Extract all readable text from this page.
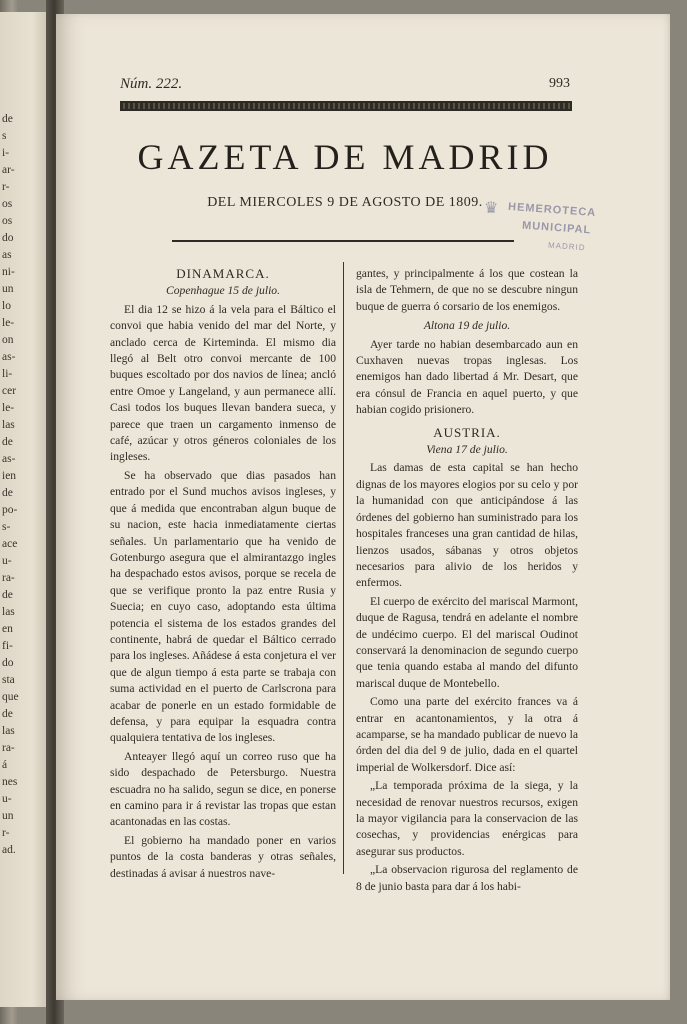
de
s
i-
ar-
r-
os
os
do
as
ni-
un
lo
le-
on
as-
li-
cer
le-
las
de
as-
ien
de
po-
s-
ace
u-
ra-
de
las
en
fi-
do
sta
que
de
las
ra-
á
nes
u-
un
r-
ad.
Núm. 222.	993
GAZETA DE MADRID
DEL MIERCOLES 9 DE AGOSTO DE 1809. ♛ HEMEROTECA
MUNICIPAL
MADRID
DINAMARCA.
Copenhague 15 de julio.

El dia 12 se hizo á la vela para el Báltico el convoi que habia venido del mar del Norte, y anclado cerca de Kirteminda. El mismo dia llegó al Belt otro convoi mercante de 100 buques escoltado por dos navios de línea; ancló entre Omoe y Langeland, y aun permanece allí. Casi todos los buques llevan bandera sueca, y parece que traen un cargamento inmenso de café, azúcar y otros géneros coloniales de los ingleses.

Se ha observado que dias pasados han entrado por el Sund muchos avisos ingleses, y que á medida que encontraban algun buque de su nacion, este hacia inmediatamente ciertas señales. Un parlamentario que ha venido de Gotenburgo asegura que el almirantazgo ingles ha despachado estos avisos, porque se recela de que se verifique pronto la paz entre Rusia y Suecia; en cuyo caso, adoptando esta última potencia el sistema de los estados grandes del continente, habrá de quedar el Báltico cerrado para los ingleses. Añádese á esta conjetura el ver que de algun tiempo á esta parte se trabaja con suma actividad en el puerto de Carlscrona para acabar de ponerle en un estado formidable de defensa, y para equipar la esquadra contra qualquiera tentativa de los ingleses.

Anteayer llegó aquí un correo ruso que ha sido despachado de Petersburgo. Nuestra escuadra no ha salido, segun se dice, en ponerse en camino para ir á revistar las tropas que estan acantonadas en las costas.

El gobierno ha mandado poner en varios puntos de la costa banderas y otras señales, destinadas á avisar á nuestros nave-

gantes, y principalmente á los que costean la isla de Tehmern, de que no se descubre ningun buque de guerra ó corsario de los enemigos.

Altona 19 de julio.

Ayer tarde no habian desembarcado aun en Cuxhaven nuevas tropas inglesas. Los enemigos han dado libertad á Mr. Desart, que era cónsul de Francia en aquel puerto, y que habian cogido prisionero.

AUSTRIA.
Viena 17 de julio.

Las damas de esta capital se han hecho dignas de los mayores elogios por su celo y por la humanidad con que anticipándose á las órdenes del gobierno han suministrado para los hospitales franceses una gran cantidad de hilas, lienzos usados, sábanas y otros objetos necesarios para alivio de los heridos y enfermos.

El cuerpo de exército del mariscal Marmont, duque de Ragusa, tendrá en adelante el nombre de undécimo cuerpo. El del mariscal Oudinot conservará la denominacion de segundo cuerpo que tenia quando estaba al mando del difunto mariscal duque de Montebello.

Como una parte del exército frances va á entrar en acantonamientos, y la otra á acamparse, se ha mandado publicar de nuevo la órden del dia del 9 de julio, dada en el quartel imperial de Wolkersdorf. Dice así:

„La temporada próxima de la siega, y la necesidad de renovar nuestros recursos, exigen la mayor vigilancia para la conservacion de las cosechas, y providencias enérgicas para asegurar sus productos.

„La observacion rigurosa del reglamento de 8 de junio basta para dar á los habi-
